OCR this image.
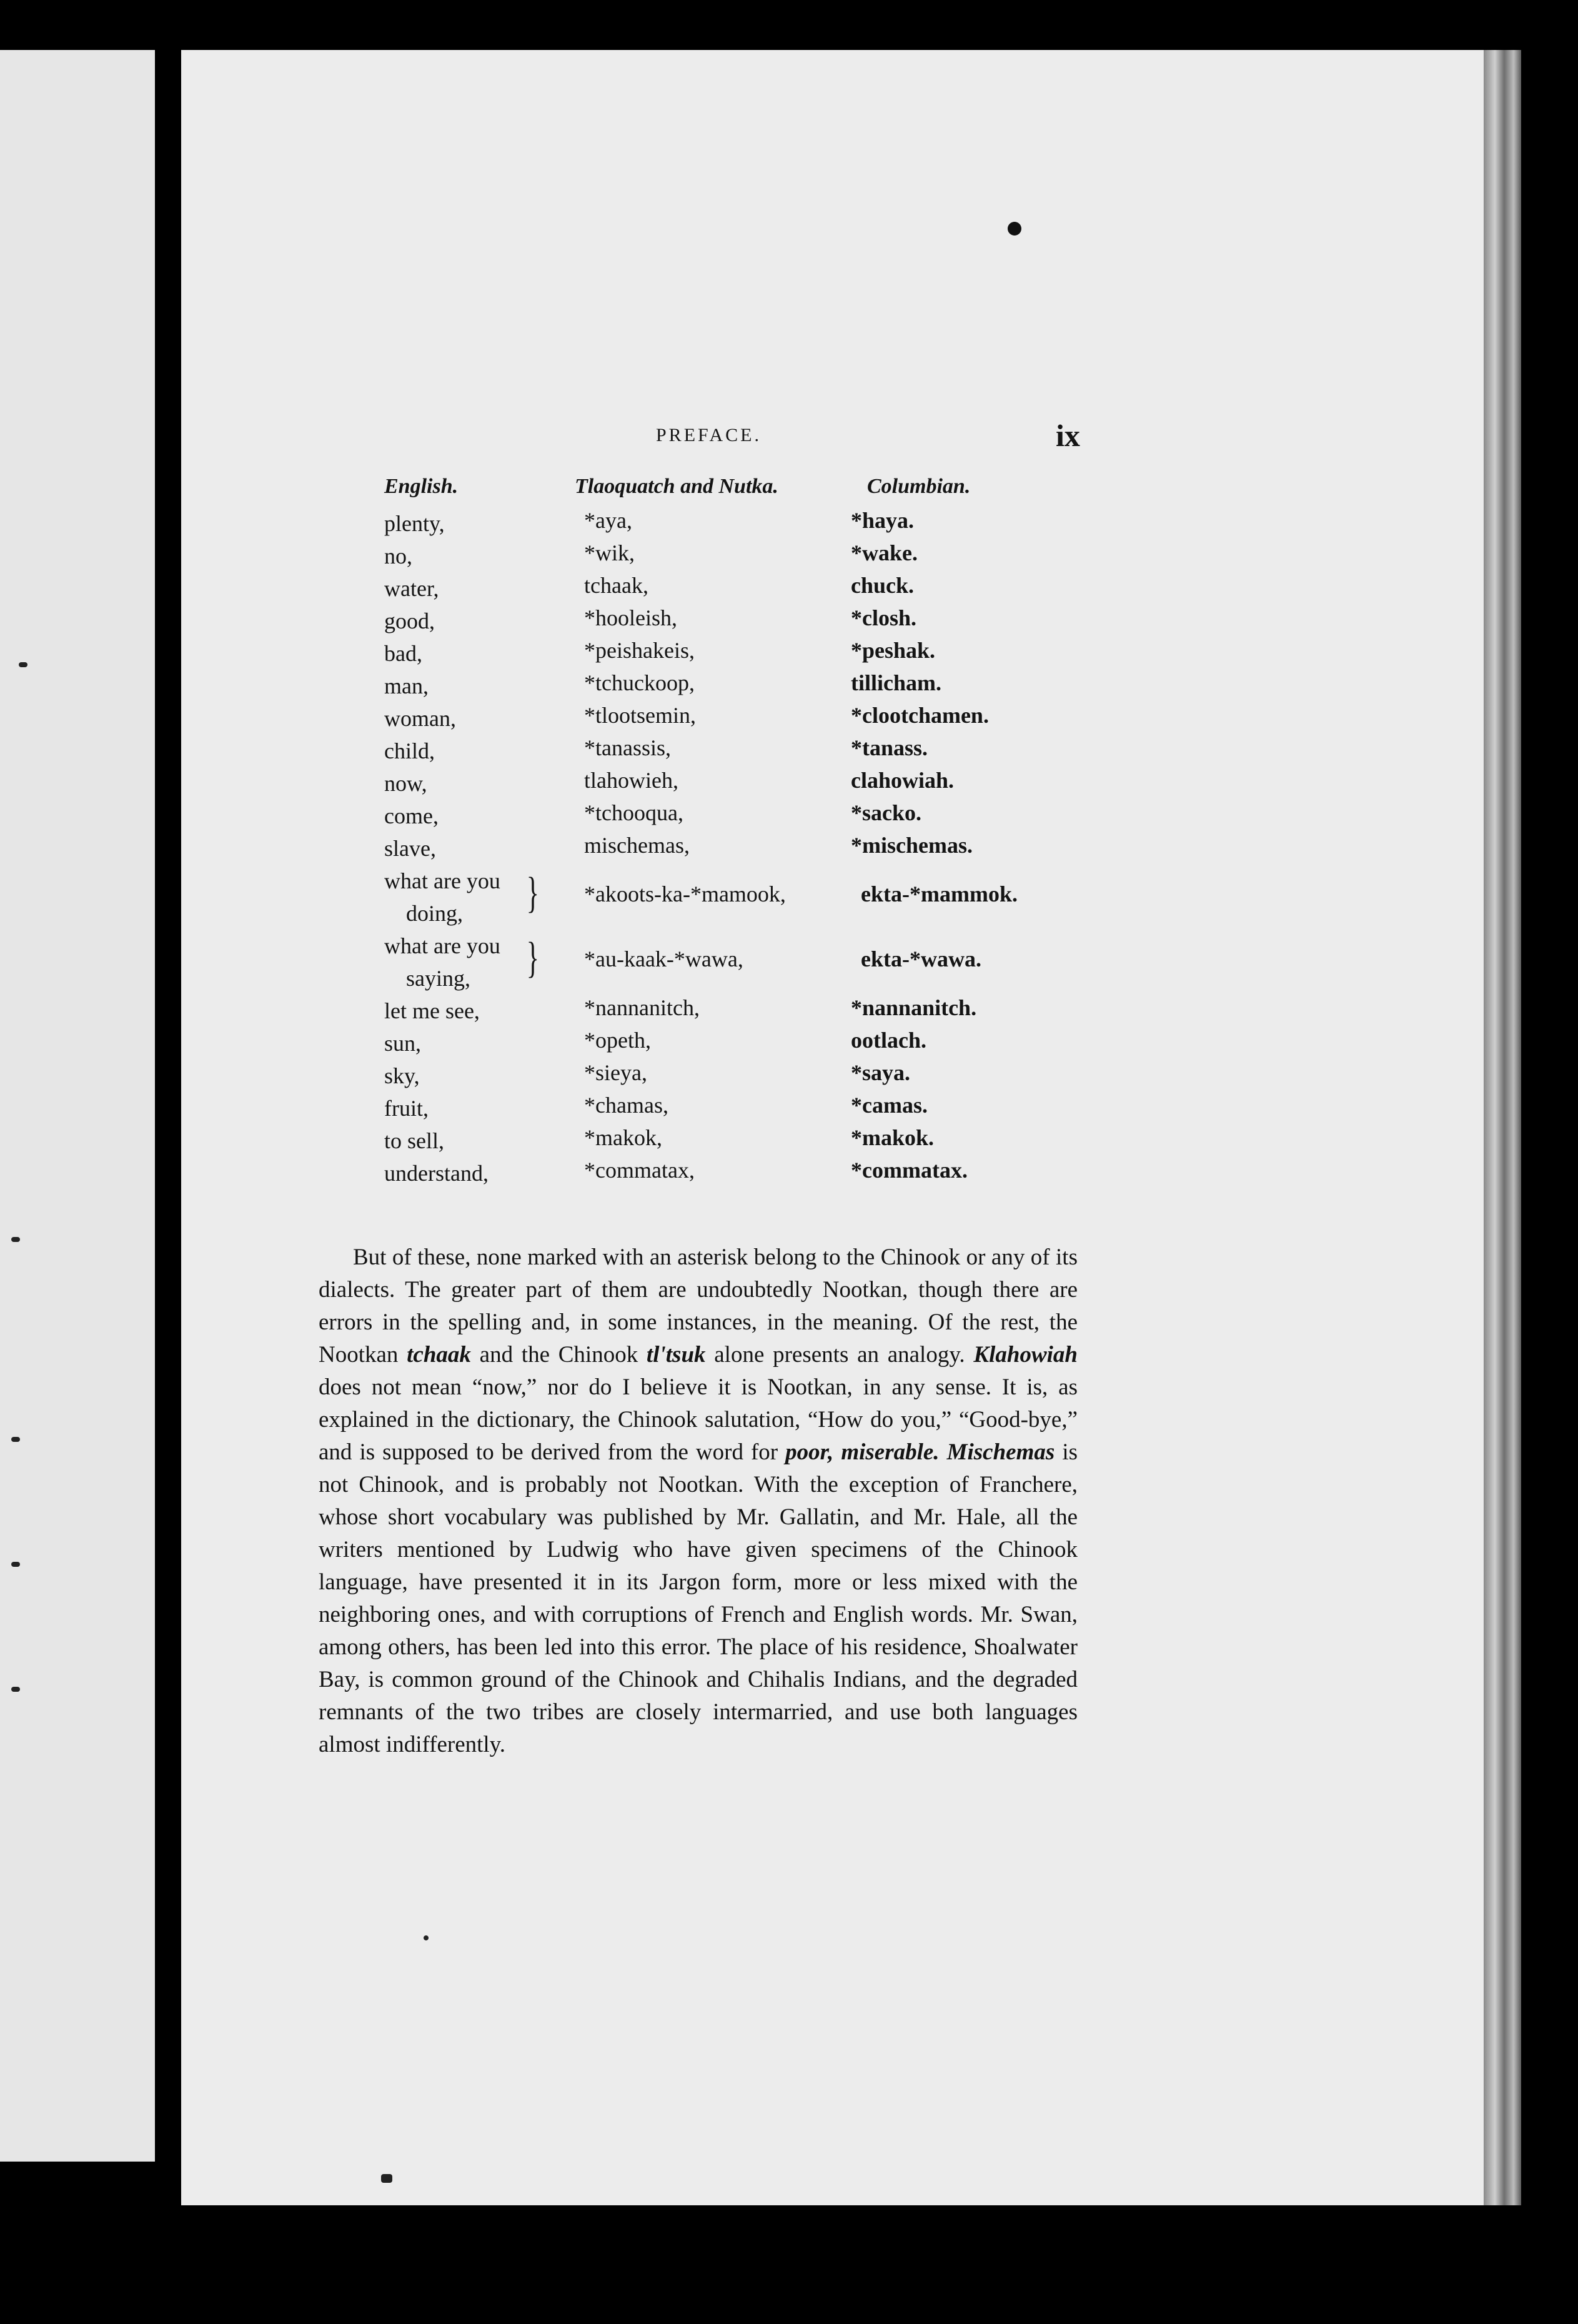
PREFACE.	ix
English.	Tlaoquatch and Nutka.	Columbian.
plenty,	*aya,	*haya.
no,	*wik,	*wake.
water,	tchaak,	chuck.
good,	*hooleish,	*closh.
bad,	*peishakeis,	*peshak.
man,	*tchuckoop,	tillicham.
woman,	*tlootsemin,	*clootchamen.
child,	*tanassis,	*tanass.
now,	tlahowieh,	clahowiah.
come,	*tchooqua,	*sacko.
slave,	mischemas,	*mischemas.
what are you
doing, } *akoots-ka-*mamook,	ekta-*mammok.
what are you
saying, } *au-kaak-*wawa,	ekta-*wawa.
let me see,	*nannanitch,	*nannanitch.
sun,	*opeth,	ootlach.
sky,	*sieya,	*saya.
fruit,	*chamas,	*camas.
to sell,	*makok,	*makok.
understand,	*commatax,	*commatax.

But of these, none marked with an asterisk belong to the Chinook or any of its dialects. The greater part of them are undoubtedly Nootkan, though there are errors in the spelling and, in some instances, in the meaning. Of the rest, the Nootkan tchaak and the Chinook tl'tsuk alone presents an analogy. Klahowiah does not mean “now,” nor do I believe it is Nootkan, in any sense. It is, as explained in the dictionary, the Chinook salutation, “How do you,” “Good-bye,” and is supposed to be derived from the word for poor, miserable. Mischemas is not Chinook, and is probably not Nootkan. With the exception of Franchere, whose short vocabulary was published by Mr. Gallatin, and Mr. Hale, all the writers mentioned by Ludwig who have given specimens of the Chinook language, have presented it in its Jargon form, more or less mixed with the neighboring ones, and with corruptions of French and English words. Mr. Swan, among others, has been led into this error. The place of his residence, Shoalwater Bay, is common ground of the Chinook and Chihalis Indians, and the degraded remnants of the two tribes are closely intermarried, and use both languages almost indifferently.
